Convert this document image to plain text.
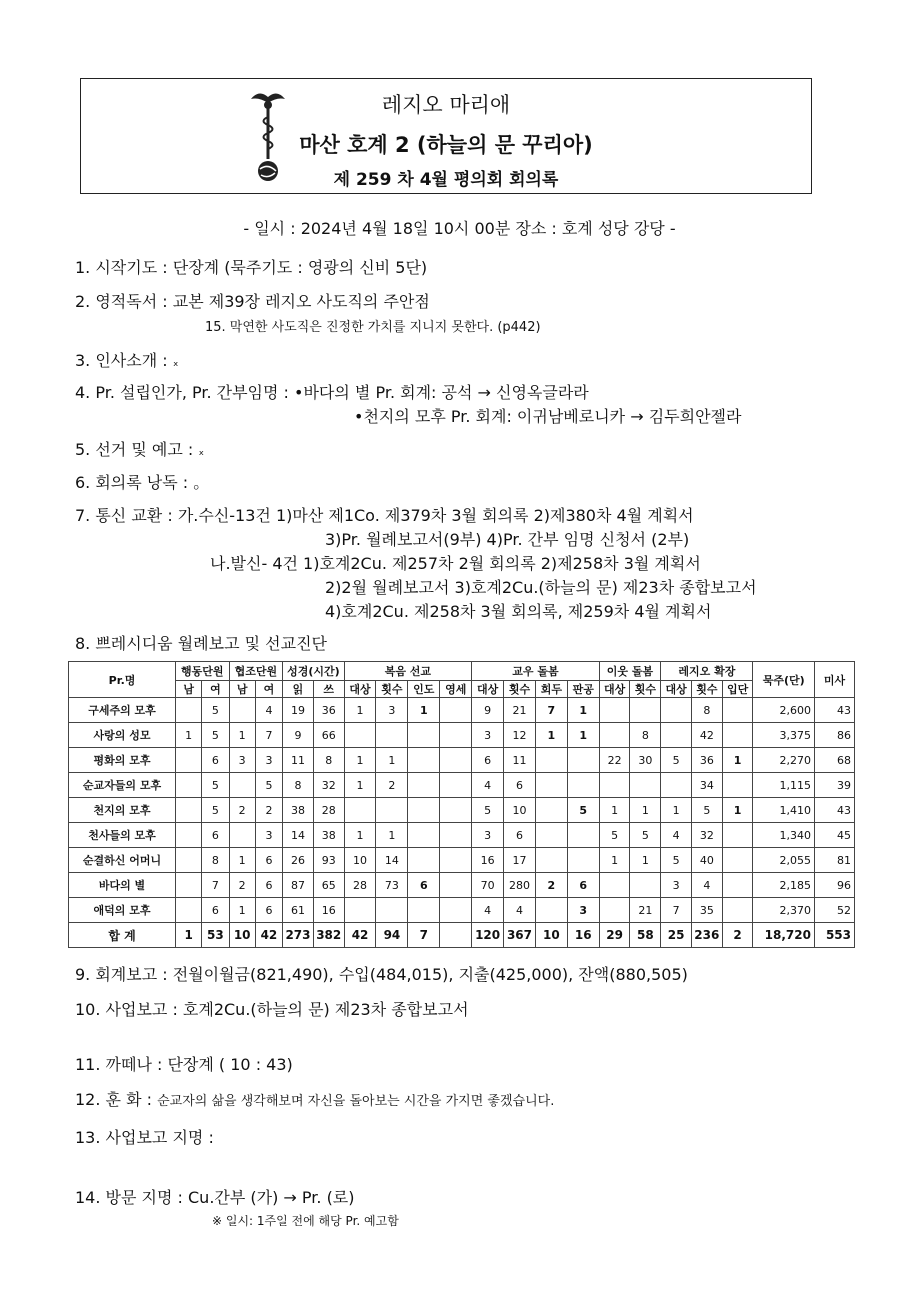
레지오 마리애
마산 호계 2 (하늘의 문 꾸리아)
제 259 차 4월 평의회 회의록
- 일시 : 2024년 4월 18일 10시 00분 장소 : 호계 성당 강당 -
1. 시작기도 : 단장계 (묵주기도 : 영광의 신비 5단)
2. 영적독서 : 교본 제39장 레지오 사도직의 주안점
15. 막연한 사도직은 진정한 가치를 지니지 못한다. (p442)
3. 인사소개 : ₓ
4. Pr. 설립인가, Pr. 간부임명 : •바다의 별 Pr. 회계: 공석 → 신영옥글라라
•천지의 모후 Pr. 회계: 이귀남베로니카 → 김두희안젤라
5. 선거 및 예고 : ₓ
6. 회의록 낭독 : 。
7. 통신 교환 : 가.수신-13건 1)마산 제1Co. 제379차 3월 회의록 2)제380차 4월 계획서
3)Pr. 월례보고서(9부) 4)Pr. 간부 임명 신청서 (2부)
나.발신- 4건 1)호계2Cu. 제257차 2월 회의록 2)제258차 3월 계획서
2)2월 월례보고서 3)호계2Cu.(하늘의 문) 제23차 종합보고서
4)호계2Cu. 제258차 3월 회의록, 제259차 4월 계획서
8. 쁘레시디움 월례보고 및 선교진단
Pr.명	행동단원		협조단원		성경(시간)		복음 선교				교우 돌봄				이웃 돌봄		레지오 확장			묵주(단)	미사
	남	여	남	여	읽	쓰	대상	횟수	인도	영세	대상	횟수	회두	판공	대상	횟수	대상	횟수	입단		
구세주의 모후		5		4	19	36	1	3	1		9	21	7	1				8		2,600	43
사랑의 성모	1	5	1	7	9	66					3	12	1	1		8		42		3,375	86
평화의 모후		6	3	3	11	8	1	1			6	11			22	30	5	36	1	2,270	68
순교자들의 모후		5		5	8	32	1	2			4	6						34		1,115	39
천지의 모후		5	2	2	38	28					5	10		5	1	1	1	5	1	1,410	43
천사들의 모후		6		3	14	38	1	1			3	6			5	5	4	32		1,340	45
순결하신 어머니		8	1	6	26	93	10	14			16	17			1	1	5	40		2,055	81
바다의 별		7	2	6	87	65	28	73	6		70	280	2	6			3	4		2,185	96
애덕의 모후		6	1	6	61	16					4	4		3		21	7	35		2,370	52
합 계	1	53	10	42	273	382	42	94	7		120	367	10	16	29	58	25	236	2	18,720	553
9. 회계보고 : 전월이월금(821,490), 수입(484,015), 지출(425,000), 잔액(880,505)
10. 사업보고 : 호계2Cu.(하늘의 문) 제23차 종합보고서
11. 까떼나 : 단장계 ( 10 : 43)
12. 훈 화 : 순교자의 삶을 생각해보며 자신을 돌아보는 시간을 가지면 좋겠습니다.
13. 사업보고 지명 :
14. 방문 지명 : Cu.간부 (가) → Pr. (로)
※ 일시: 1주일 전에 해당 Pr. 예고함
